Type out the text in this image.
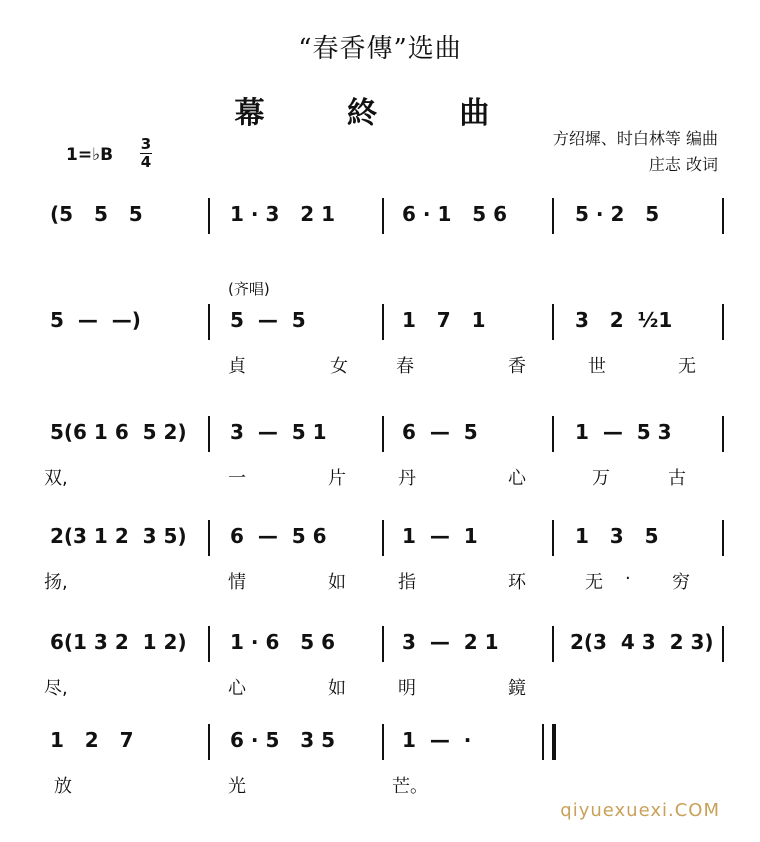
“春香傳”选曲
幕 終 曲
方绍墀、时白林等 编曲
庄志 改词
1=♭B
3
4
(齐唱)
(5   5   5	1 · 3   2 1	6 · 1   5 6	5 · 2   5
5  —  —)	5  —  5	1   7   1	3   2  ½1
貞	女	春	香	世	无
5(6 1 6  5 2)	3  —  5 1	6  —  5	1  —  5 3
双,	一	片	丹	心	万	古
2(3 1 2  3 5)	6  —  5 6	1  —  1	1   3   5
扬,	情	如	指	环	无 · 穷
6(1 3 2  1 2)	1 · 6   5 6	3  —  2 1	2(3  4 3  2 3)
尽,	心	如	明	鏡
1   2   7	6 · 5   3 5	1  —  ·
放	光	芒。
qiyuexuexi.COM
